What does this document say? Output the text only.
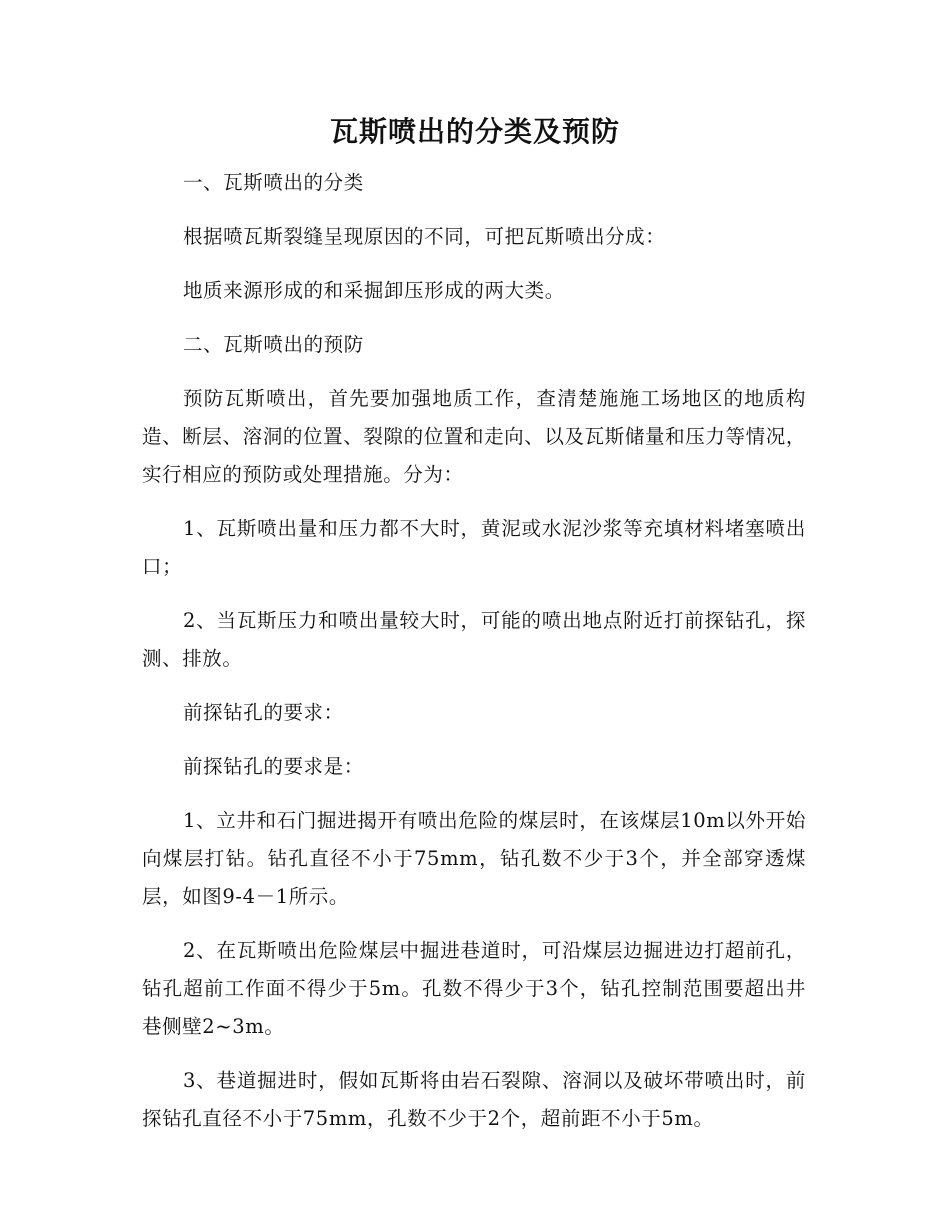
瓦斯喷出的分类及预防

一、瓦斯喷出的分类

根据喷瓦斯裂缝呈现原因的不同，可把瓦斯喷出分成：

地质来源形成的和采掘卸压形成的两大类。

二、瓦斯喷出的预防

预防瓦斯喷出，首先要加强地质工作，查清楚施施工场地区的地质构造、断层、溶洞的位置、裂隙的位置和走向、以及瓦斯储量和压力等情况，实行相应的预防或处理措施。分为：

1、瓦斯喷出量和压力都不大时，黄泥或水泥沙浆等充填材料堵塞喷出口；

2、当瓦斯压力和喷出量较大时，可能的喷出地点附近打前探钻孔，探测、排放。

前探钻孔的要求：

前探钻孔的要求是：

1、立井和石门掘进揭开有喷出危险的煤层时，在该煤层10m以外开始向煤层打钻。钻孔直径不小于75mm，钻孔数不少于3个，并全部穿透煤层，如图9-4－1所示。

2、在瓦斯喷出危险煤层中掘进巷道时，可沿煤层边掘进边打超前孔，钻孔超前工作面不得少于5m。孔数不得少于3个，钻孔控制范围要超出井巷侧壁2~3m。

3、巷道掘进时，假如瓦斯将由岩石裂隙、溶洞以及破坏带喷出时，前探钻孔直径不小于75mm，孔数不少于2个，超前距不小于5m。
